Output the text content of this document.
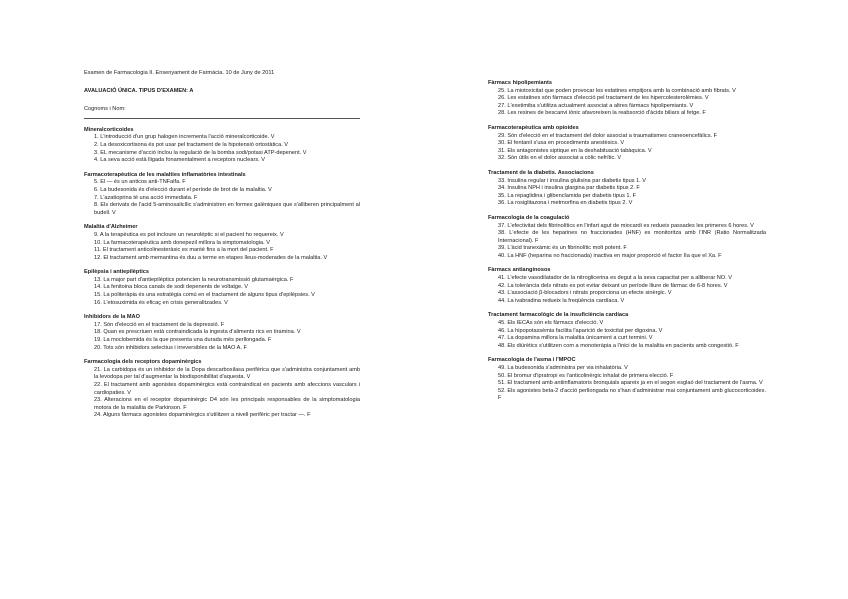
Examen de Farmacologia II. Ensenyament de Farmàcia. 10 de Juny de 2011

AVALUACIÓ ÚNICA. TIPUS D'EXAMEN: A

Cognoms i Nom:

Mineralcorticoides

1. L'introducció d'un grup halogen incrementa l'acció mineralcorticoide. V
2. La desoxicortisona és pot usar pel tractament de la hipotensió ortostàtica. V
3. EL mecanisme d'acció inclou la regulació de la bomba sodi/potasi ATP-depenent. V
4. La seva acció està lligada fonamentalment a receptors nuclears. V

Farmacoterapèutica de les malalties inflamatòries intestinals

5. El — és un anticos anti-TNFalfa. F
6. La budesonida és d'elecció durant el període de brot de la malaltia. V
7. L'azatioprina té una acció immediata. F
8. Els derivats de l'acid 5-aminosalicílic s'administren en formes galèniques que s'alliberen principalment al budell. V

Malaltia d'Alzheimer

9. A la terapèutica es pot incloure un neuroléptic si el pacient ho requereix. V
10. La farmacoterapèutica amb donepezil millora la simptomatologia. V
11. El tractament anticolinesteràsic es manté fins a la mort del pacient. F
12. El tractament amb memantina és duu a terme en etapes lleus-moderades de la malaltia. V

Epilèpsia i antiepilèptics

13. La major part d'antiepilèptics potencien la neurotransmissió glutamaèrgica. F
14. La fenitoina bloca canals de sodi depenents de voltatge. V
15. La politeràpia és una estratègia comú en el tractament de alguns tipus d'epilèpsies. V
16. L'etosuximida és eficaç en crisis generalitzades. V

Inhibidors de la MAO

17. Són d'elecció en el tractament de la depressió. F
18. Quan es prescriuen està contraindicada la ingesta d'aliments rics en tiramina. V
19. La moclobemida és la que presenta una durada més perllongada. F
20. Tots són inhibidors selectius i irreversibles de la MAO A. F

Farmacologia dels receptors dopaminèrgics

21. La carbidopa és un inhibidor de la Dopa descarboxilasa perifèrica que s'administra conjuntament amb la levodopa per tal d'augmentar la biodisponibilitat d'aquesta. V
22. El tractament amb agonistes dopaminèrgics està contraindicat en pacients amb afeccions vasculars i cardiopaties. V
23. Alteracions en el receptor dopaminèrgic D4 són les principals responsables de la simptomatologia motora de la malaltia de Parkinson. F
24. Alguns fàrmacs agonistes dopaminèrgics s'utilitzen a nivell perifèric per tractar —. F

Fàrmacs hipolipemiants

25. La miotoxicitat que poden provocar les estatines empitjora amb la combinació amb fibrats. V
26. Les estatines són fàrmacs d'elecció pel tractament de les hipercolesterolèmies. V
27. L'exetimiba s'utilitza actualment associat a altres fàrmacs hipolipemiants. V
28. Les resines de bescanvi iònic afavoreixen la reabsorció d'àcids biliars al fetge. F

Farmacoterapèutica amb opioides

29. Són d'elecció en el tractament del dolor associat a traumatismes craneoencefàlics. F
30. El fentanil s'usa en procediments anestèsics. V
31. Els antagonistes siptique en la deshabituació tabàquica. V
32. Són útils en el dolor associat a còlic nefrític. V

Tractament de la diabetis. Associacions

33. Insulina regular i insulina glulisina par diabetis tipus 1. V
34. Insulina NPH i insulina glargina par diabetis tipus 2. F
35. La repaglidina i glibenclamida per diabetis tipus 1. F
36. La rosiglitazona i metmorfina en diabetis tipus 2. V

Farmacologia de la coagulació

37. L'efectivitat dels fibrinolítics en l'infart agut de miocardi es redueix passades les primeres 6 hores. V
38. L'efecte de les heparines no fraccionades (HNF) es monitoritza amb l'INR (Ratio Normalitzada Internacional). F
39. L'àcid tranexàmic és un fibrinolític molt potent. F
40. La HNF (heparina no fraccionada) inactiva en major proporció el factor IIa que el Xa. F

Fàrmacs antianginosos

41. L'efecte vasodilatador de la nitroglicerina es degut a la seva capacitat per a alliberar NO. V
42. La tolerància dels nitrats es pot evitar deixant un període lliure de fàrmac de 6-8 hores. V
43. L'associació β-blocadors i nitrats proporciona un efecte sinèrgic. V
44. La ivabradina redueix la freqüència cardíaca. V

Tractament farmacològic de la insuficiència cardíaca

45. Els IECAs són els fàrmacs d'elecció. V
46. La hipopotassèmia facilita l'aparició de toxicitat per digoxina. V
47. La dopamina millora la malaltia únicament a curt termini. V
48. Els diürètics s'utilitzen com a monoteràpia a l'inici de la malaltia en pacients amb congestió. F

Farmacologia de l'asma i l'MPOC

49. La budesonida s'administra per via inhalatòria. V
50. El bromur d'ipratropi es l'anticolinèrgic inhalat de primera elecció. F
51. El tractament amb antiinflamatoris bronquials apareix ja en el segon esglaó del tractament de l'asma. V
52. Els agonistes beta-2 d'acció perllongada no s'han d'administrar mai conjuntament amb glucocorticoides. F
